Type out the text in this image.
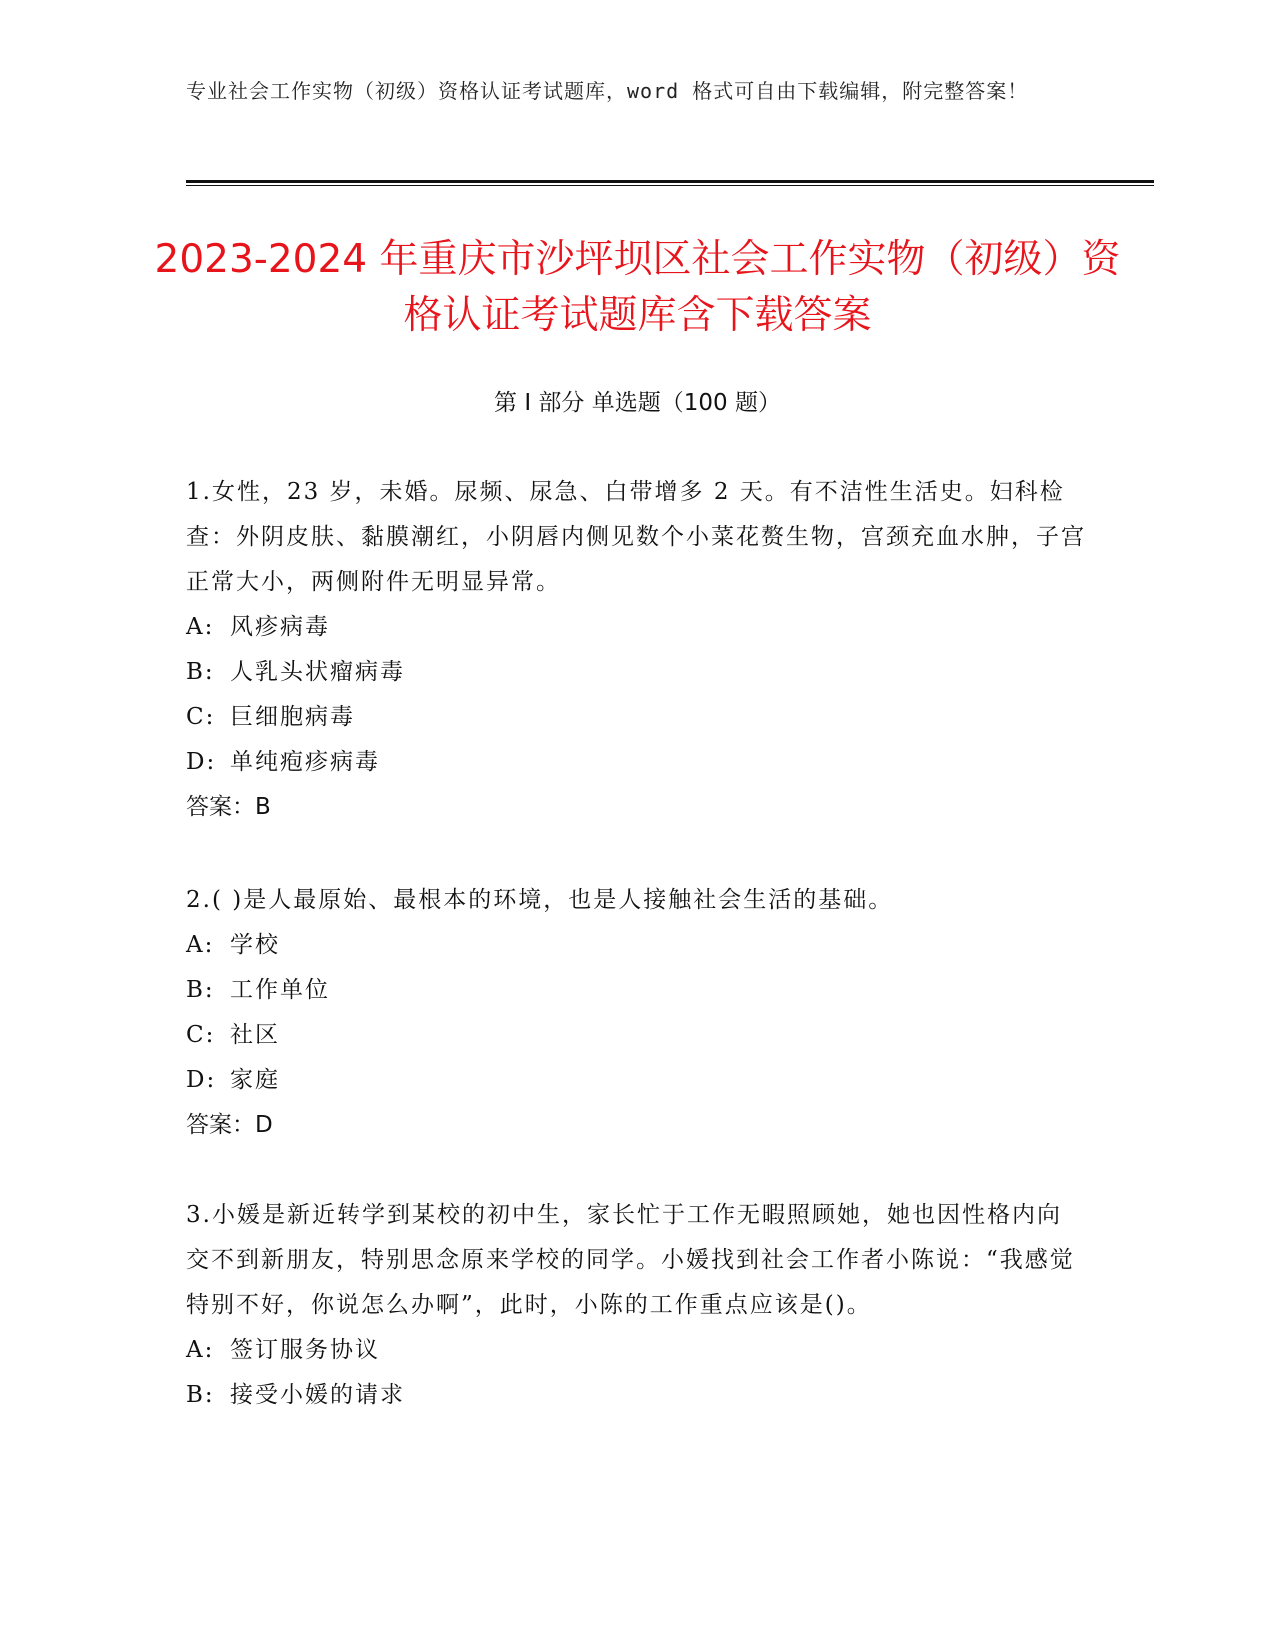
专业社会工作实物（初级）资格认证考试题库，word 格式可自由下载编辑，附完整答案！
2023-2024 年重庆市沙坪坝区社会工作实物（初级）资格认证考试题库含下载答案
第 I 部分 单选题（100 题）

1.女性，23 岁，未婚。尿频、尿急、白带增多 2 天。有不洁性生活史。妇科检查：外阴皮肤、黏膜潮红，小阴唇内侧见数个小菜花赘生物，宫颈充血水肿，子宫正常大小，两侧附件无明显异常。

A: 风疹病毒
B: 人乳头状瘤病毒
C: 巨细胞病毒
D: 单纯疱疹病毒
答案：B

2.( )是人最原始、最根本的环境，也是人接触社会生活的基础。

A: 学校
B: 工作单位
C: 社区
D: 家庭
答案：D

3.小媛是新近转学到某校的初中生，家长忙于工作无暇照顾她，她也因性格内向交不到新朋友，特别思念原来学校的同学。小媛找到社会工作者小陈说：“我感觉特别不好，你说怎么办啊”，此时，小陈的工作重点应该是()。

A: 签订服务协议
B: 接受小媛的请求
